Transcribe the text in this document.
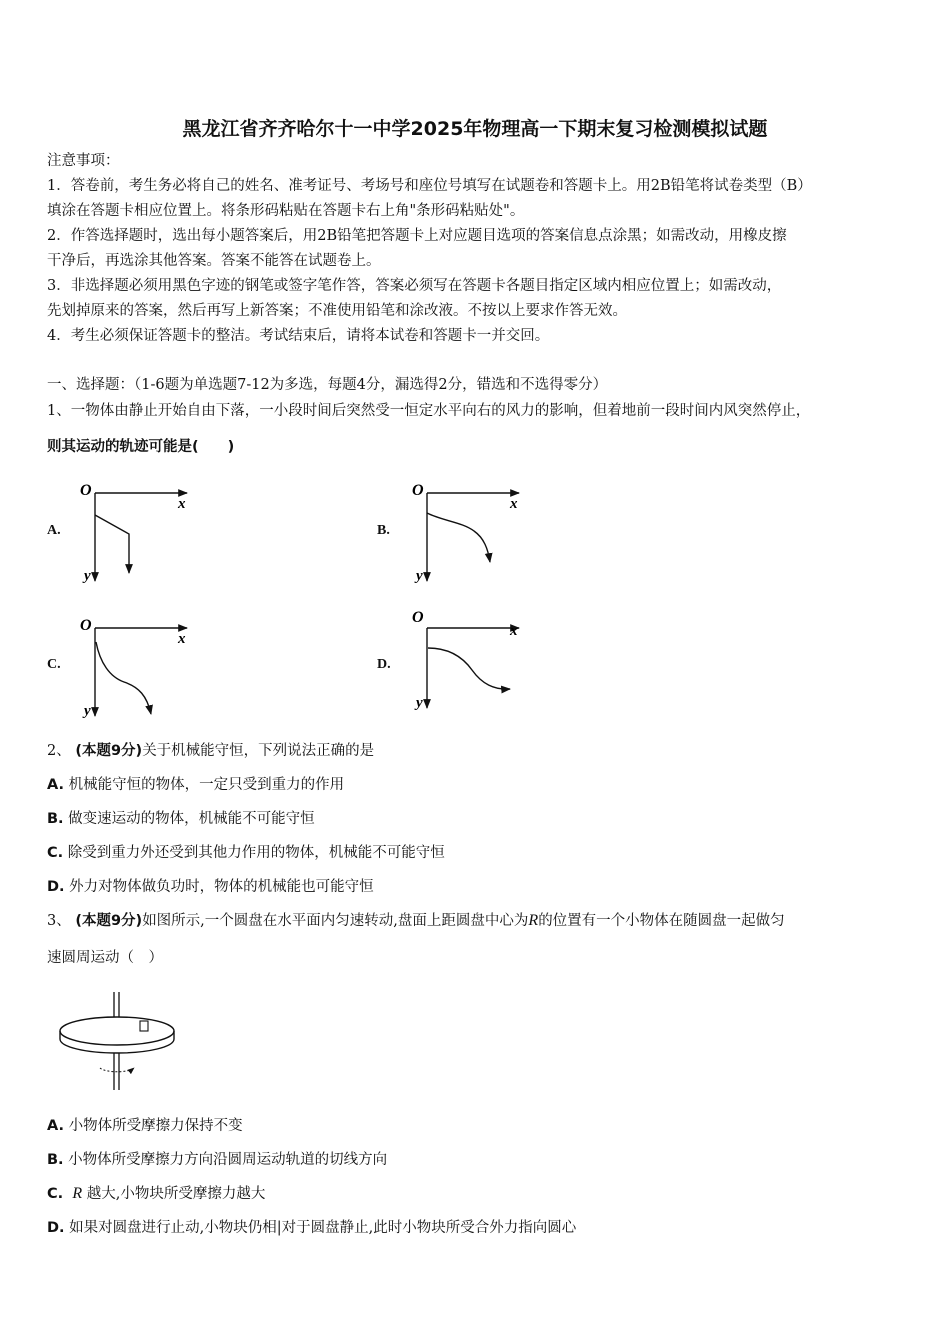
黑龙江省齐齐哈尔十一中学2025年物理高一下期末复习检测模拟试题
注意事项：
1．答卷前，考生务必将自己的姓名、准考证号、考场号和座位号填写在试题卷和答题卡上。用2B铅笔将试卷类型（B）
填涂在答题卡相应位置上。将条形码粘贴在答题卡右上角"条形码粘贴处"。
2．作答选择题时，选出每小题答案后，用2B铅笔把答题卡上对应题目选项的答案信息点涂黑；如需改动，用橡皮擦
干净后，再选涂其他答案。答案不能答在试题卷上。
3．非选择题必须用黑色字迹的钢笔或签字笔作答，答案必须写在答题卡各题目指定区域内相应位置上；如需改动，
先划掉原来的答案，然后再写上新答案；不准使用铅笔和涂改液。不按以上要求作答无效。
4．考生必须保证答题卡的整洁。考试结束后，请将本试卷和答题卡一并交回。
一、选择题：（1-6题为单选题7-12为多选，每题4分，漏选得2分，错选和不选得零分）
1、一物体由静止开始自由下落，一小段时间后突然受一恒定水平向右的风力的影响，但着地前一段时间内风突然停止，
则其运动的轨迹可能是(　　)
A.	B.
C.	D.
O
x
y
O
x
y
O
x
y
O
x
y
2、 (本题9分)关于机械能守恒，下列说法正确的是
A. 机械能守恒的物体，一定只受到重力的作用
B. 做变速运动的物体，机械能不可能守恒
C. 除受到重力外还受到其他力作用的物体，机械能不可能守恒
D. 外力对物体做负功时，物体的机械能也可能守恒
3、 (本题9分)如图所示,一个圆盘在水平面内匀速转动,盘面上距圆盘中心为R的位置有一个小物体在随圆盘一起做匀
速圆周运动（　）
A. 小物体所受摩擦力保持不变
B. 小物体所受摩擦力方向沿圆周运动轨道的切线方向
C. R 越大,小物块所受摩擦力越大
D. 如果对圆盘进行止动,小物块仍相|对于圆盘静止,此时小物块所受合外力指向圆心
